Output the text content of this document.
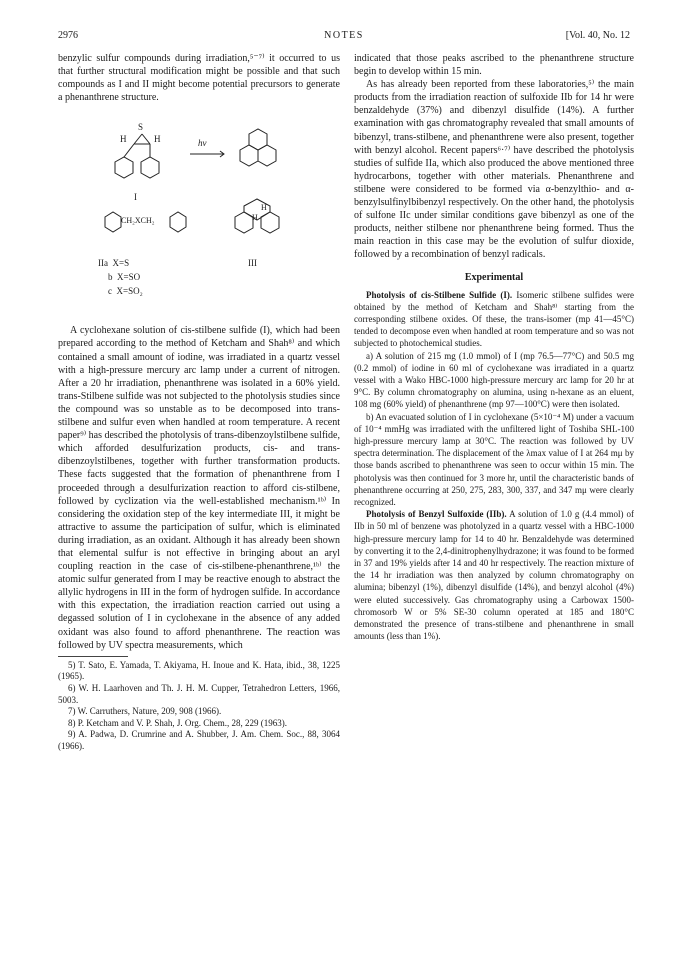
2976	NOTES	[Vol. 40, No. 12

benzylic sulfur compounds during irradiation,⁵⁻⁷⁾ it occurred to us that further structural modification might be possible and that such compounds as I and II might become potential precursors to generate a phenanthrene structure.

H
S
H	hν
I
CH₂XCH₂
H
H
III
IIa  X=S
b  X=SO
c  X=SO₂

A cyclohexane solution of cis-stilbene sulfide (I), which had been prepared according to the method of Ketcham and Shah⁸⁾ and which contained a small amount of iodine, was irradiated in a quartz vessel with a high-pressure mercury arc lamp under a current of nitrogen. After a 20 hr irradiation, phenanthrene was isolated in a 60% yield. trans-Stilbene sulfide was not subjected to the photolysis studies since the compound was so unstable as to be decomposed into trans-stilbene and sulfur even when handled at room temperature. A recent paper⁹⁾ has described the photolysis of trans-dibenzoylstilbene sulfide, which afforded desulfurization products, cis- and trans-dibenzoylstilbenes, together with further transformation products. These facts suggested that the formation of phenanthrene from I proceeded through a desulfurization reaction to afford cis-stilbene, followed by cyclization via the well-established mechanism.¹ᵇ⁾ In considering the oxidation step of the key intermediate III, it might be attractive to assume the participation of sulfur, which is eliminated during irradiation, as an oxidant. Although it has already been shown that elemental sulfur is not effective in bringing about an aryl coupling reaction in the case of cis-stilbene-phenanthrene,¹ᵇ⁾ the atomic sulfur generated from I may be reactive enough to abstract the allylic hydrogens in III in the form of hydrogen sulfide. In accordance with this expectation, the irradiation reaction carried out using a degassed solution of I in cyclohexane in the absence of any added oxidant was also found to afford phenanthrene. The reaction was followed by UV spectra measurements, which

5) T. Sato, E. Yamada, T. Akiyama, H. Inoue and K. Hata, ibid., 38, 1225 (1965).

6) W. H. Laarhoven and Th. J. H. M. Cupper, Tetrahedron Letters, 1966, 5003.

7) W. Carruthers, Nature, 209, 908 (1966).

8) P. Ketcham and V. P. Shah, J. Org. Chem., 28, 229 (1963).

9) A. Padwa, D. Crumrine and A. Shubber, J. Am. Chem. Soc., 88, 3064 (1966).

indicated that those peaks ascribed to the phenanthrene structure begin to develop within 15 min.

As has already been reported from these laboratories,⁵⁾ the main products from the irradiation reaction of sulfoxide IIb for 14 hr were benzaldehyde (37%) and dibenzyl disulfide (14%). A further examination with gas chromatography revealed that small amounts of bibenzyl, trans-stilbene, and phenanthrene were also present, together with benzyl alcohol. Recent papers⁶·⁷⁾ have described the photolysis studies of sulfide IIa, which also produced the above mentioned three hydrocarbons, together with other materials. Phenanthrene and stilbene were considered to be formed via α-benzylthio- and α-benzylsulfinylbibenzyl respectively. On the other hand, the photolysis of sulfone IIc under similar conditions gave bibenzyl as one of the products, neither stilbene nor phenanthrene being formed. Thus the main reaction in this case may be the evolution of sulfur dioxide, followed by a recombination of benzyl radicals.

Experimental

Photolysis of cis-Stilbene Sulfide (I). Isomeric stilbene sulfides were obtained by the method of Ketcham and Shah⁸⁾ starting from the corresponding stilbene oxides. Of these, the trans-isomer (mp 41—45°C) tended to decompose even when handled at room temperature and so was not subjected to photochemical studies.

a) A solution of 215 mg (1.0 mmol) of I (mp 76.5—77°C) and 50.5 mg (0.2 mmol) of iodine in 60 ml of cyclohexane was irradiated in a quartz vessel with a Wako HBC-1000 high-pressure mercury arc lamp for 20 hr at 9°C. By column chromatography on alumina, using n-hexane as an eluent, 108 mg (60% yield) of phenanthrene (mp 97—100°C) were then isolated.

b) An evacuated solution of I in cyclohexane (5×10⁻⁴ M) under a vacuum of 10⁻⁴ mmHg was irradiated with the unfiltered light of Toshiba SHL-100 high-pressure mercury lamp at 30°C. The reaction was followed by UV spectra determination. The displacement of the λmax value of I at 264 mμ by those bands ascribed to phenanthrene was seen to occur within 15 min. The photolysis was then continued for 3 more hr, until the characteristic bands of phenanthrene occurring at 250, 275, 283, 300, 337, and 347 mμ were clearly recognized.

Photolysis of Benzyl Sulfoxide (IIb). A solution of 1.0 g (4.4 mmol) of IIb in 50 ml of benzene was photolyzed in a quartz vessel with a HBC-1000 high-pressure mercury lamp for 14 to 40 hr. Benzaldehyde was determined by converting it to the 2,4-dinitrophenylhydrazone; it was found to be formed in 37 and 19% yields after 14 and 40 hr respectively. The reaction mixture of the 14 hr irradiation was then analyzed by column chromatography on alumina; bibenzyl (1%), dibenzyl disulfide (14%), and benzyl alcohol (4%) were eluted successively. Gas chromatography using a Carbowax 1500-chromosorb W or 5% SE-30 column operated at 185 and 180°C demonstrated the presence of trans-stilbene and phenanthrene in small amounts (less than 1%).
